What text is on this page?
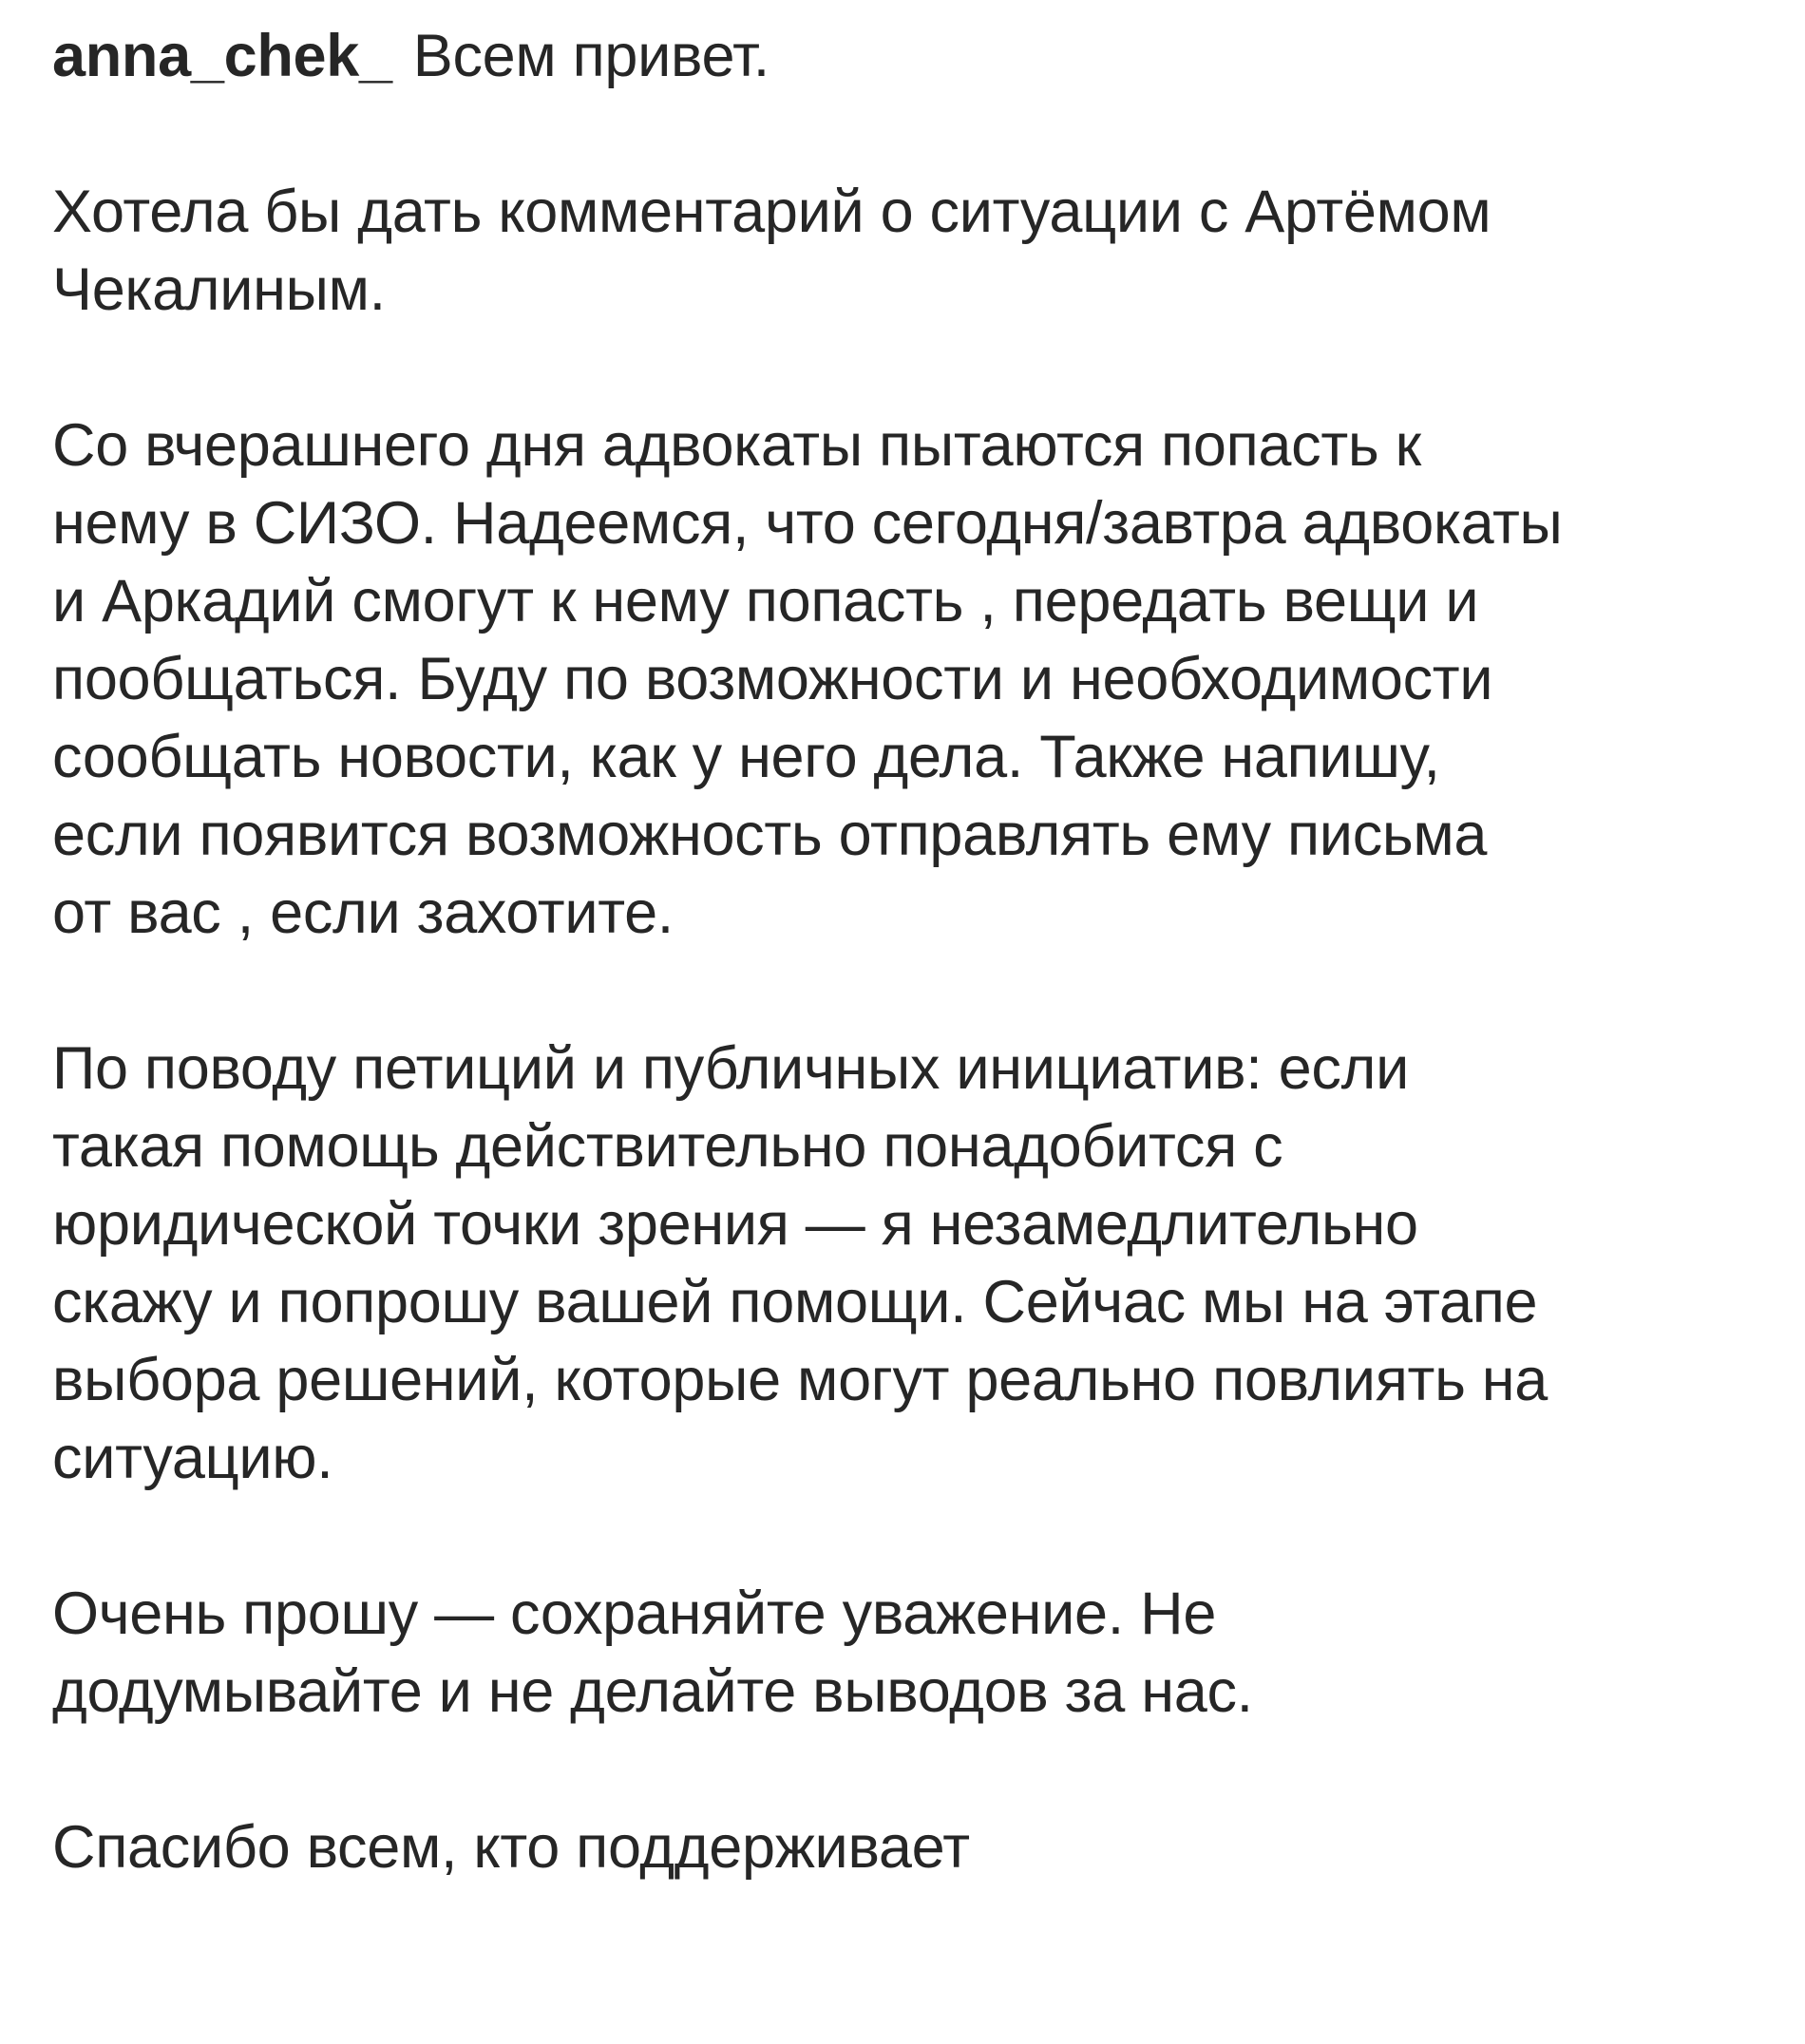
anna_chek_ Всем привет.

Хотела бы дать комментарий о ситуации с Артёмом
Чекалиным.

Со вчерашнего дня адвокаты пытаются попасть к
нему в СИЗО. Надеемся, что сегодня/завтра адвокаты
и Аркадий смогут к нему попасть , передать вещи и
пообщаться. Буду по возможности и необходимости
сообщать новости, как у него дела. Также напишу,
если появится возможность отправлять ему письма
от вас , если захотите.

По поводу петиций и публичных инициатив: если
такая помощь действительно понадобится с
юридической точки зрения — я незамедлительно
скажу и попрошу вашей помощи. Сейчас мы на этапе
выбора решений, которые могут реально повлиять на
ситуацию.

Очень прошу — сохраняйте уважение. Не
додумывайте и не делайте выводов за нас.

Спасибо всем, кто поддерживает
